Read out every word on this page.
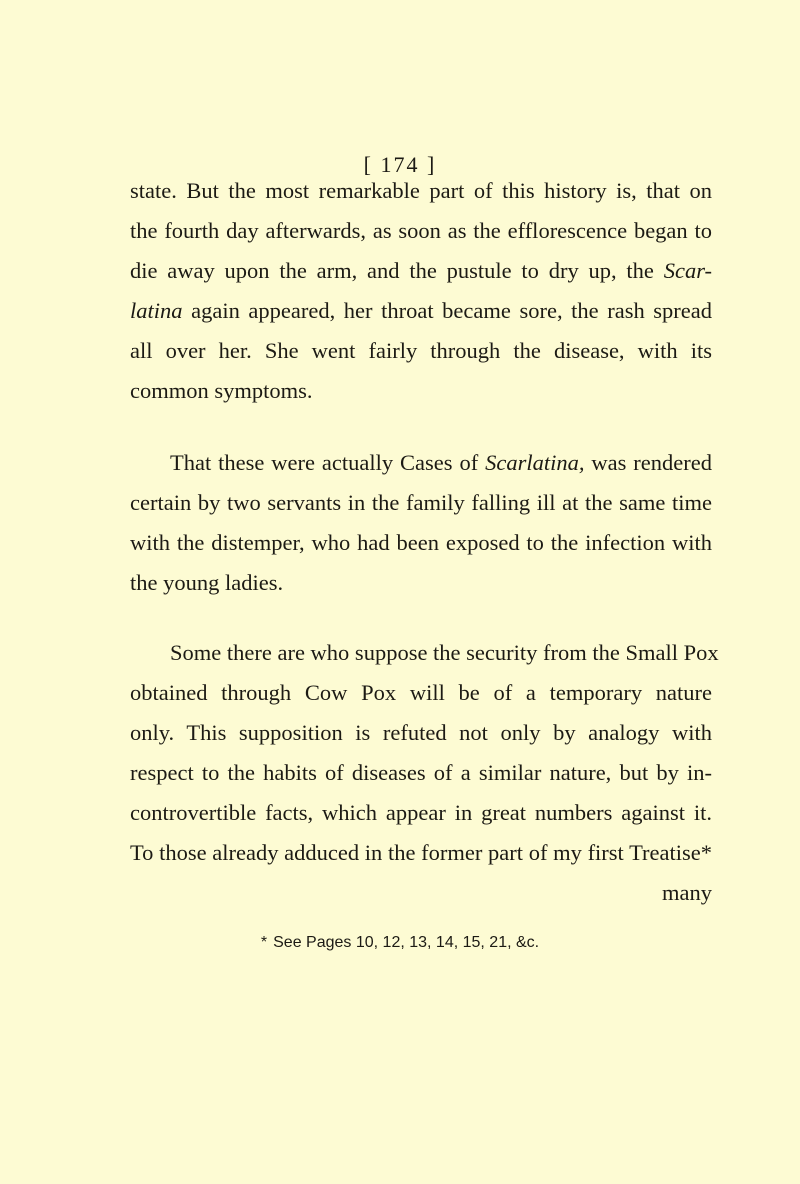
[ 174 ]
state. But the most remarkable part of this history is, that on
the fourth day afterwards, as soon as the efflorescence began to
die away upon the arm, and the pustule to dry up, the Scar-
latina again appeared, her throat became sore, the rash spread
all over her. She went fairly through the disease, with its
common symptoms.
That these were actually Cases of Scarlatina, was rendered
certain by two servants in the family falling ill at the same time
with the distemper, who had been exposed to the infection with
the young ladies.
Some there are who suppose the security from the Small Pox
obtained through Cow Pox will be of a temporary nature
only. This supposition is refuted not only by analogy with
respect to the habits of diseases of a similar nature, but by in-
controvertible facts, which appear in great numbers against it.
To those already adduced in the former part of my first Treatise*
many
* See Pages 10, 12, 13, 14, 15, 21, &c.
